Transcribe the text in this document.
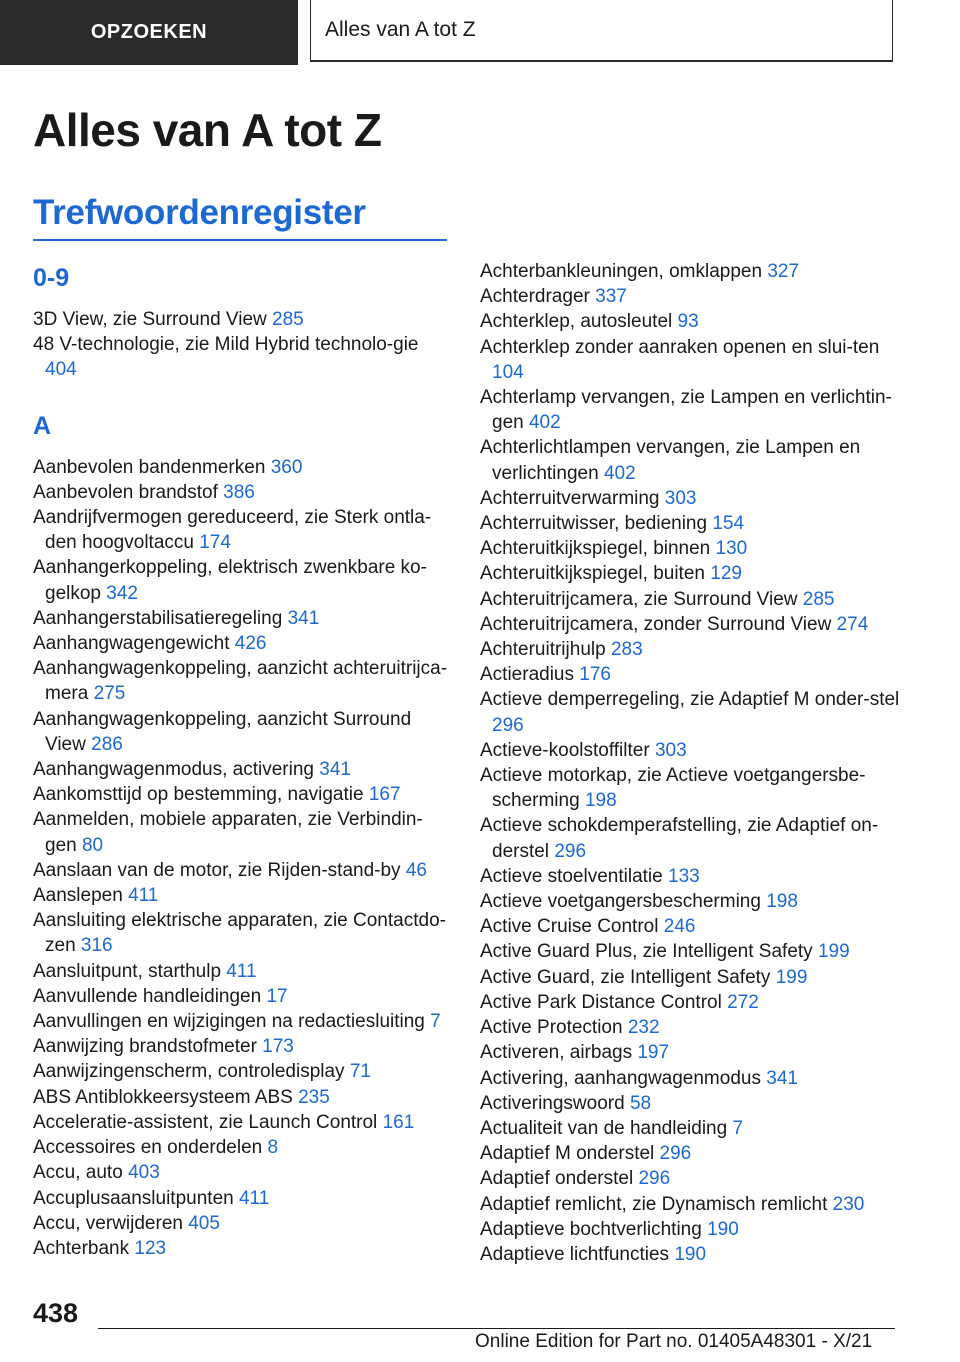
OPZOEKEN	Alles van A tot Z
Alles van A tot Z
Trefwoordenregister
0-9

3D View, zie Surround View 285

48 V-technologie, zie Mild Hybrid technolo-gie 404

A

Aanbevolen bandenmerken 360

Aanbevolen brandstof 386

Aandrijfvermogen gereduceerd, zie Sterk ontla-den hoogvoltaccu 174

Aanhangerkoppeling, elektrisch zwenkbare ko-gelkop 342

Aanhangerstabilisatieregeling 341

Aanhangwagengewicht 426

Aanhangwagenkoppeling, aanzicht achteruitrijca-mera 275

Aanhangwagenkoppeling, aanzicht Surround View 286

Aanhangwagenmodus, activering 341

Aankomsttijd op bestemming, navigatie 167

Aanmelden, mobiele apparaten, zie Verbindin-gen 80

Aanslaan van de motor, zie Rijden-stand-by 46

Aanslepen 411

Aansluiting elektrische apparaten, zie Contactdo-zen 316

Aansluitpunt, starthulp 411

Aanvullende handleidingen 17

Aanvullingen en wijzigingen na redactiesluiting 7

Aanwijzing brandstofmeter 173

Aanwijzingenscherm, controledisplay 71

ABS Antiblokkeersysteem ABS 235

Acceleratie-assistent, zie Launch Control 161

Accessoires en onderdelen 8

Accu, auto 403

Accuplusaansluitpunten 411

Accu, verwijderen 405

Achterbank 123

Achterbankleuningen, omklappen 327

Achterdrager 337

Achterklep, autosleutel 93

Achterklep zonder aanraken openen en slui-ten 104

Achterlamp vervangen, zie Lampen en verlichtin-gen 402

Achterlichtlampen vervangen, zie Lampen en verlichtingen 402

Achterruitverwarming 303

Achterruitwisser, bediening 154

Achteruitkijkspiegel, binnen 130

Achteruitkijkspiegel, buiten 129

Achteruitrijcamera, zie Surround View 285

Achteruitrijcamera, zonder Surround View 274

Achteruitrijhulp 283

Actieradius 176

Actieve demperregeling, zie Adaptief M onder-stel 296

Actieve-koolstoffilter 303

Actieve motorkap, zie Actieve voetgangersbe-scherming 198

Actieve schokdemperafstelling, zie Adaptief on-derstel 296

Actieve stoelventilatie 133

Actieve voetgangersbescherming 198

Active Cruise Control 246

Active Guard Plus, zie Intelligent Safety 199

Active Guard, zie Intelligent Safety 199

Active Park Distance Control 272

Active Protection 232

Activeren, airbags 197

Activering, aanhangwagenmodus 341

Activeringswoord 58

Actualiteit van de handleiding 7

Adaptief M onderstel 296

Adaptief onderstel 296

Adaptief remlicht, zie Dynamisch remlicht 230

Adaptieve bochtverlichting 190

Adaptieve lichtfuncties 190

438
Online Edition for Part no. 01405A48301 - X/21
